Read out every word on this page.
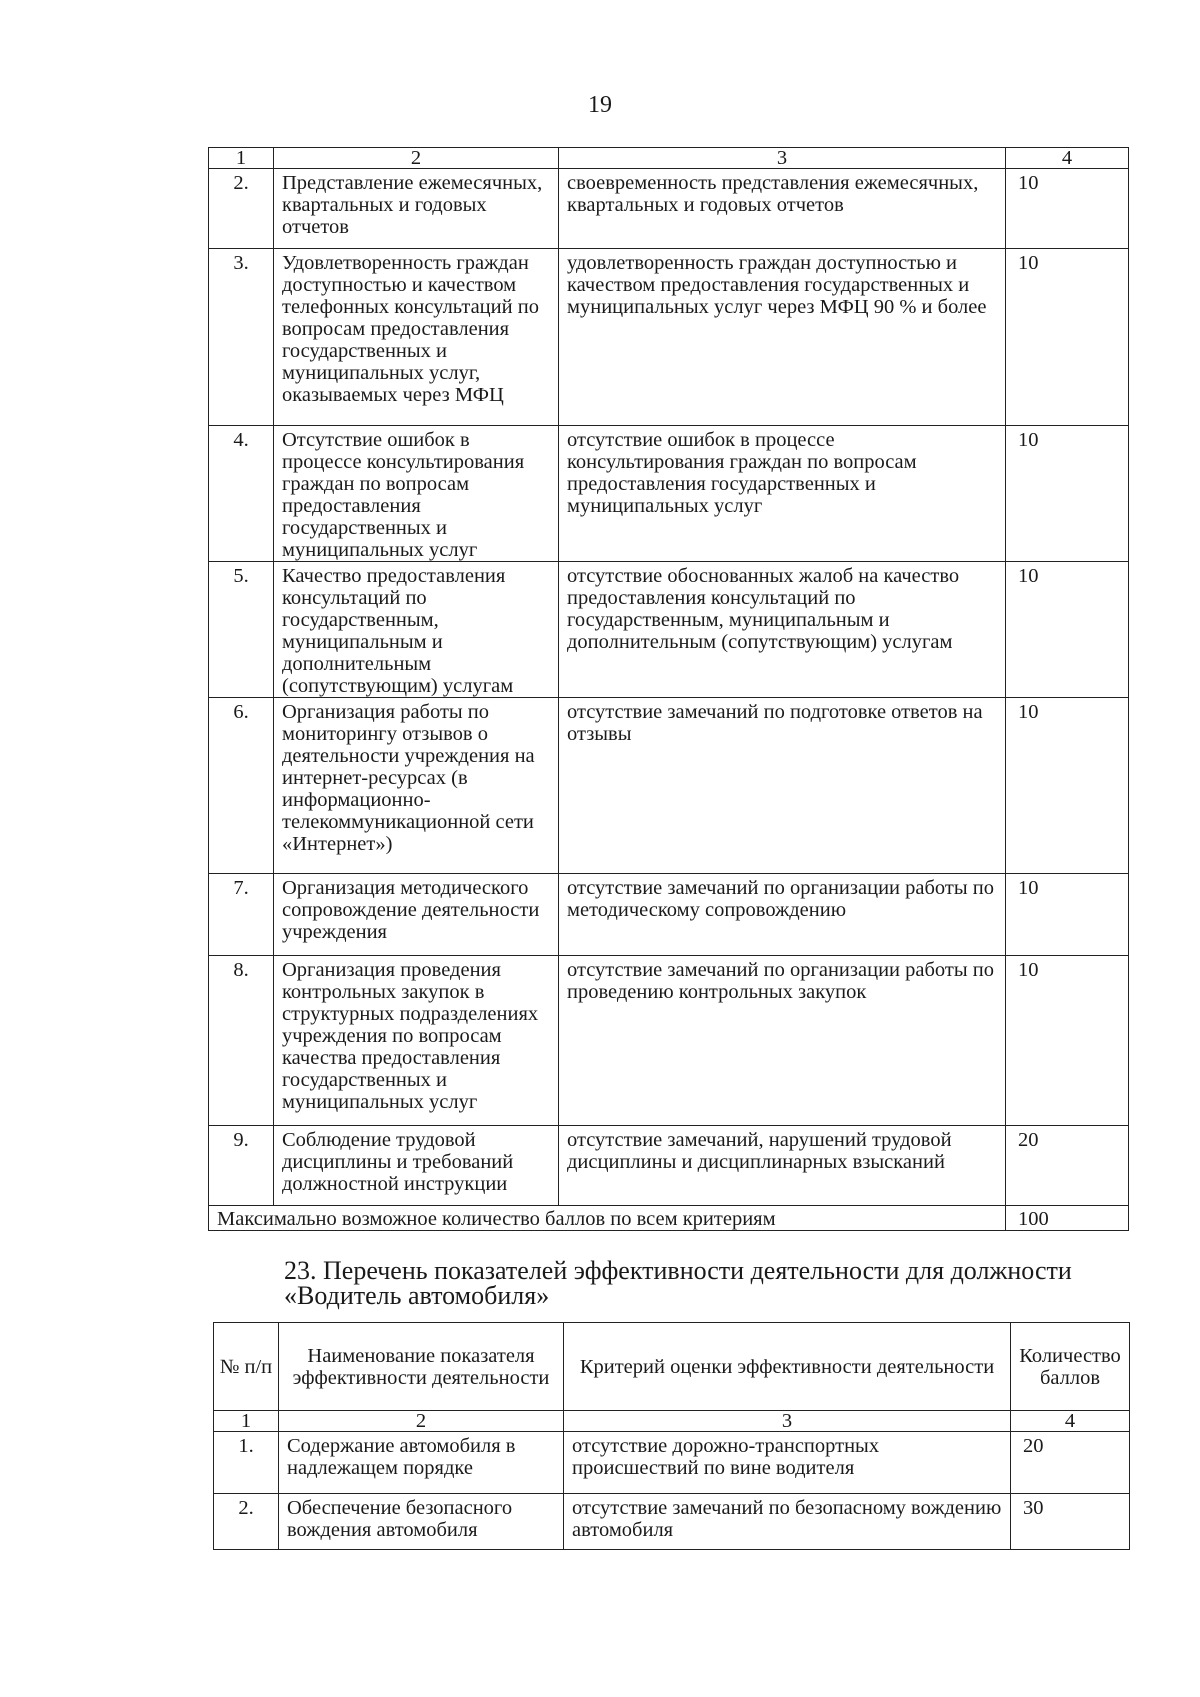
19
1	2	3	4
2.	Представление ежемесячных, квартальных и годовых отчетов	своевременность представления ежемесячных, квартальных и годовых отчетов	10
3.	Удовлетворенность граждан доступностью и качеством телефонных консультаций по вопросам предоставления государственных и муниципальных услуг, оказываемых через МФЦ	удовлетворенность граждан доступностью и качеством предоставления государственных и муниципальных услуг через МФЦ 90 % и более	10
4.	Отсутствие ошибок в процессе консультирования граждан по вопросам предоставления государственных и муниципальных услуг	отсутствие ошибок в процессе консультирования граждан по вопросам предоставления государственных и муниципальных услуг	10
5.	Качество предоставления консультаций по государственным, муниципальным и дополнительным (сопутствующим) услугам	отсутствие обоснованных жалоб на качество предоставления консультаций по государственным, муниципальным и дополнительным (сопутствующим) услугам	10
6.	Организация работы по мониторингу отзывов о деятельности учреждения на интернет-ресурсах (в информационно-телекоммуникационной сети «Интернет»)	отсутствие замечаний по подготовке ответов на отзывы	10
7.	Организация методического сопровождение деятельности учреждения	отсутствие замечаний по организации работы по методическому сопровождению	10
8.	Организация проведения контрольных закупок в структурных подразделениях учреждения по вопросам качества предоставления государственных и муниципальных услуг	отсутствие замечаний по организации работы по проведению контрольных закупок	10
9.	Соблюдение трудовой дисциплины и требований должностной инструкции	отсутствие замечаний, нарушений трудовой дисциплины и дисциплинарных взысканий	20
Максимально возможное количество баллов по всем критериям			100
23. Перечень показателей эффективности деятельности для должности «Водитель автомобиля»
№ п/п	Наименование показателя эффективности деятельности	Критерий оценки эффективности деятельности	Количество баллов
1	2	3	4
1.	Содержание автомобиля в надлежащем порядке	отсутствие дорожно-транспортных происшествий по вине водителя	20
2.	Обеспечение безопасного вождения автомобиля	отсутствие замечаний по безопасному вождению автомобиля	30
